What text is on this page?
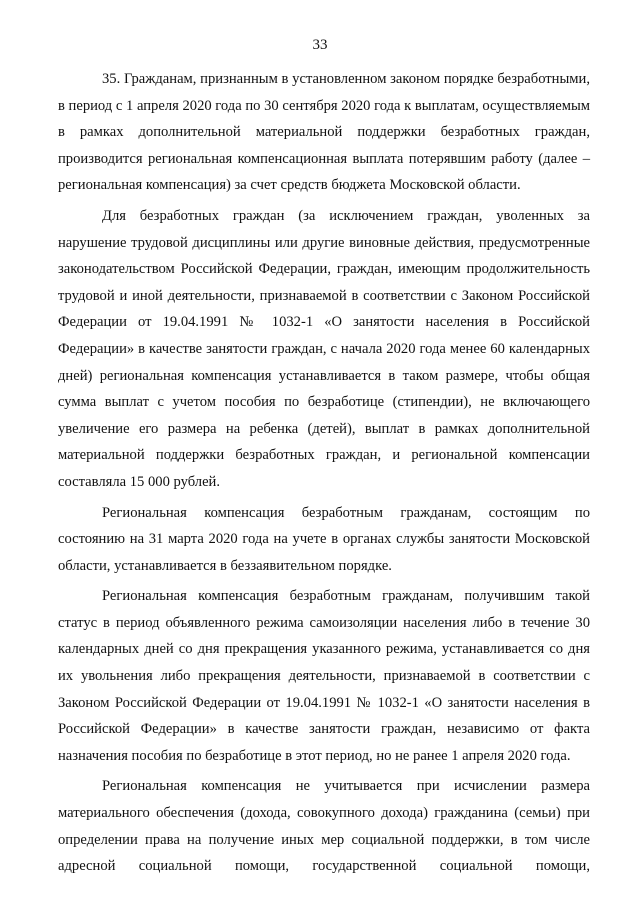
33

35. Гражданам, признанным в установленном законом порядке безработными, в период с 1 апреля 2020 года по 30 сентября 2020 года к выплатам, осуществляемым в рамках дополнительной материальной поддержки безработных граждан, производится региональная компенсационная выплата потерявшим работу (далее – региональная компенсация) за счет средств бюджета Московской области.

Для безработных граждан (за исключением граждан, уволенных за нарушение трудовой дисциплины или другие виновные действия, предусмотренные законодательством Российской Федерации, граждан, имеющим продолжительность трудовой и иной деятельности, признаваемой в соответствии с Законом Российской Федерации от 19.04.1991 № 1032-1 «О занятости населения в Российской Федерации» в качестве занятости граждан, с начала 2020 года менее 60 календарных дней) региональная компенсация устанавливается в таком размере, чтобы общая сумма выплат с учетом пособия по безработице (стипендии), не включающего увеличение его размера на ребенка (детей), выплат в рамках дополнительной материальной поддержки безработных граждан, и региональной компенсации составляла 15 000 рублей.

Региональная компенсация безработным гражданам, состоящим по состоянию на 31 марта 2020 года на учете в органах службы занятости Московской области, устанавливается в беззаявительном порядке.

Региональная компенсация безработным гражданам, получившим такой статус в период объявленного режима самоизоляции населения либо в течение 30 календарных дней со дня прекращения указанного режима, устанавливается со дня их увольнения либо прекращения деятельности, признаваемой в соответствии с Законом Российской Федерации от 19.04.1991 № 1032-1 «О занятости населения в Российской Федерации» в качестве занятости граждан, независимо от факта назначения пособия по безработице в этот период, но не ранее 1 апреля 2020 года.

Региональная компенсация не учитывается при исчислении размера материального обеспечения (дохода, совокупного дохода) гражданина (семьи) при определении права на получение иных мер социальной поддержки, в том числе адресной социальной помощи, государственной социальной помощи,
